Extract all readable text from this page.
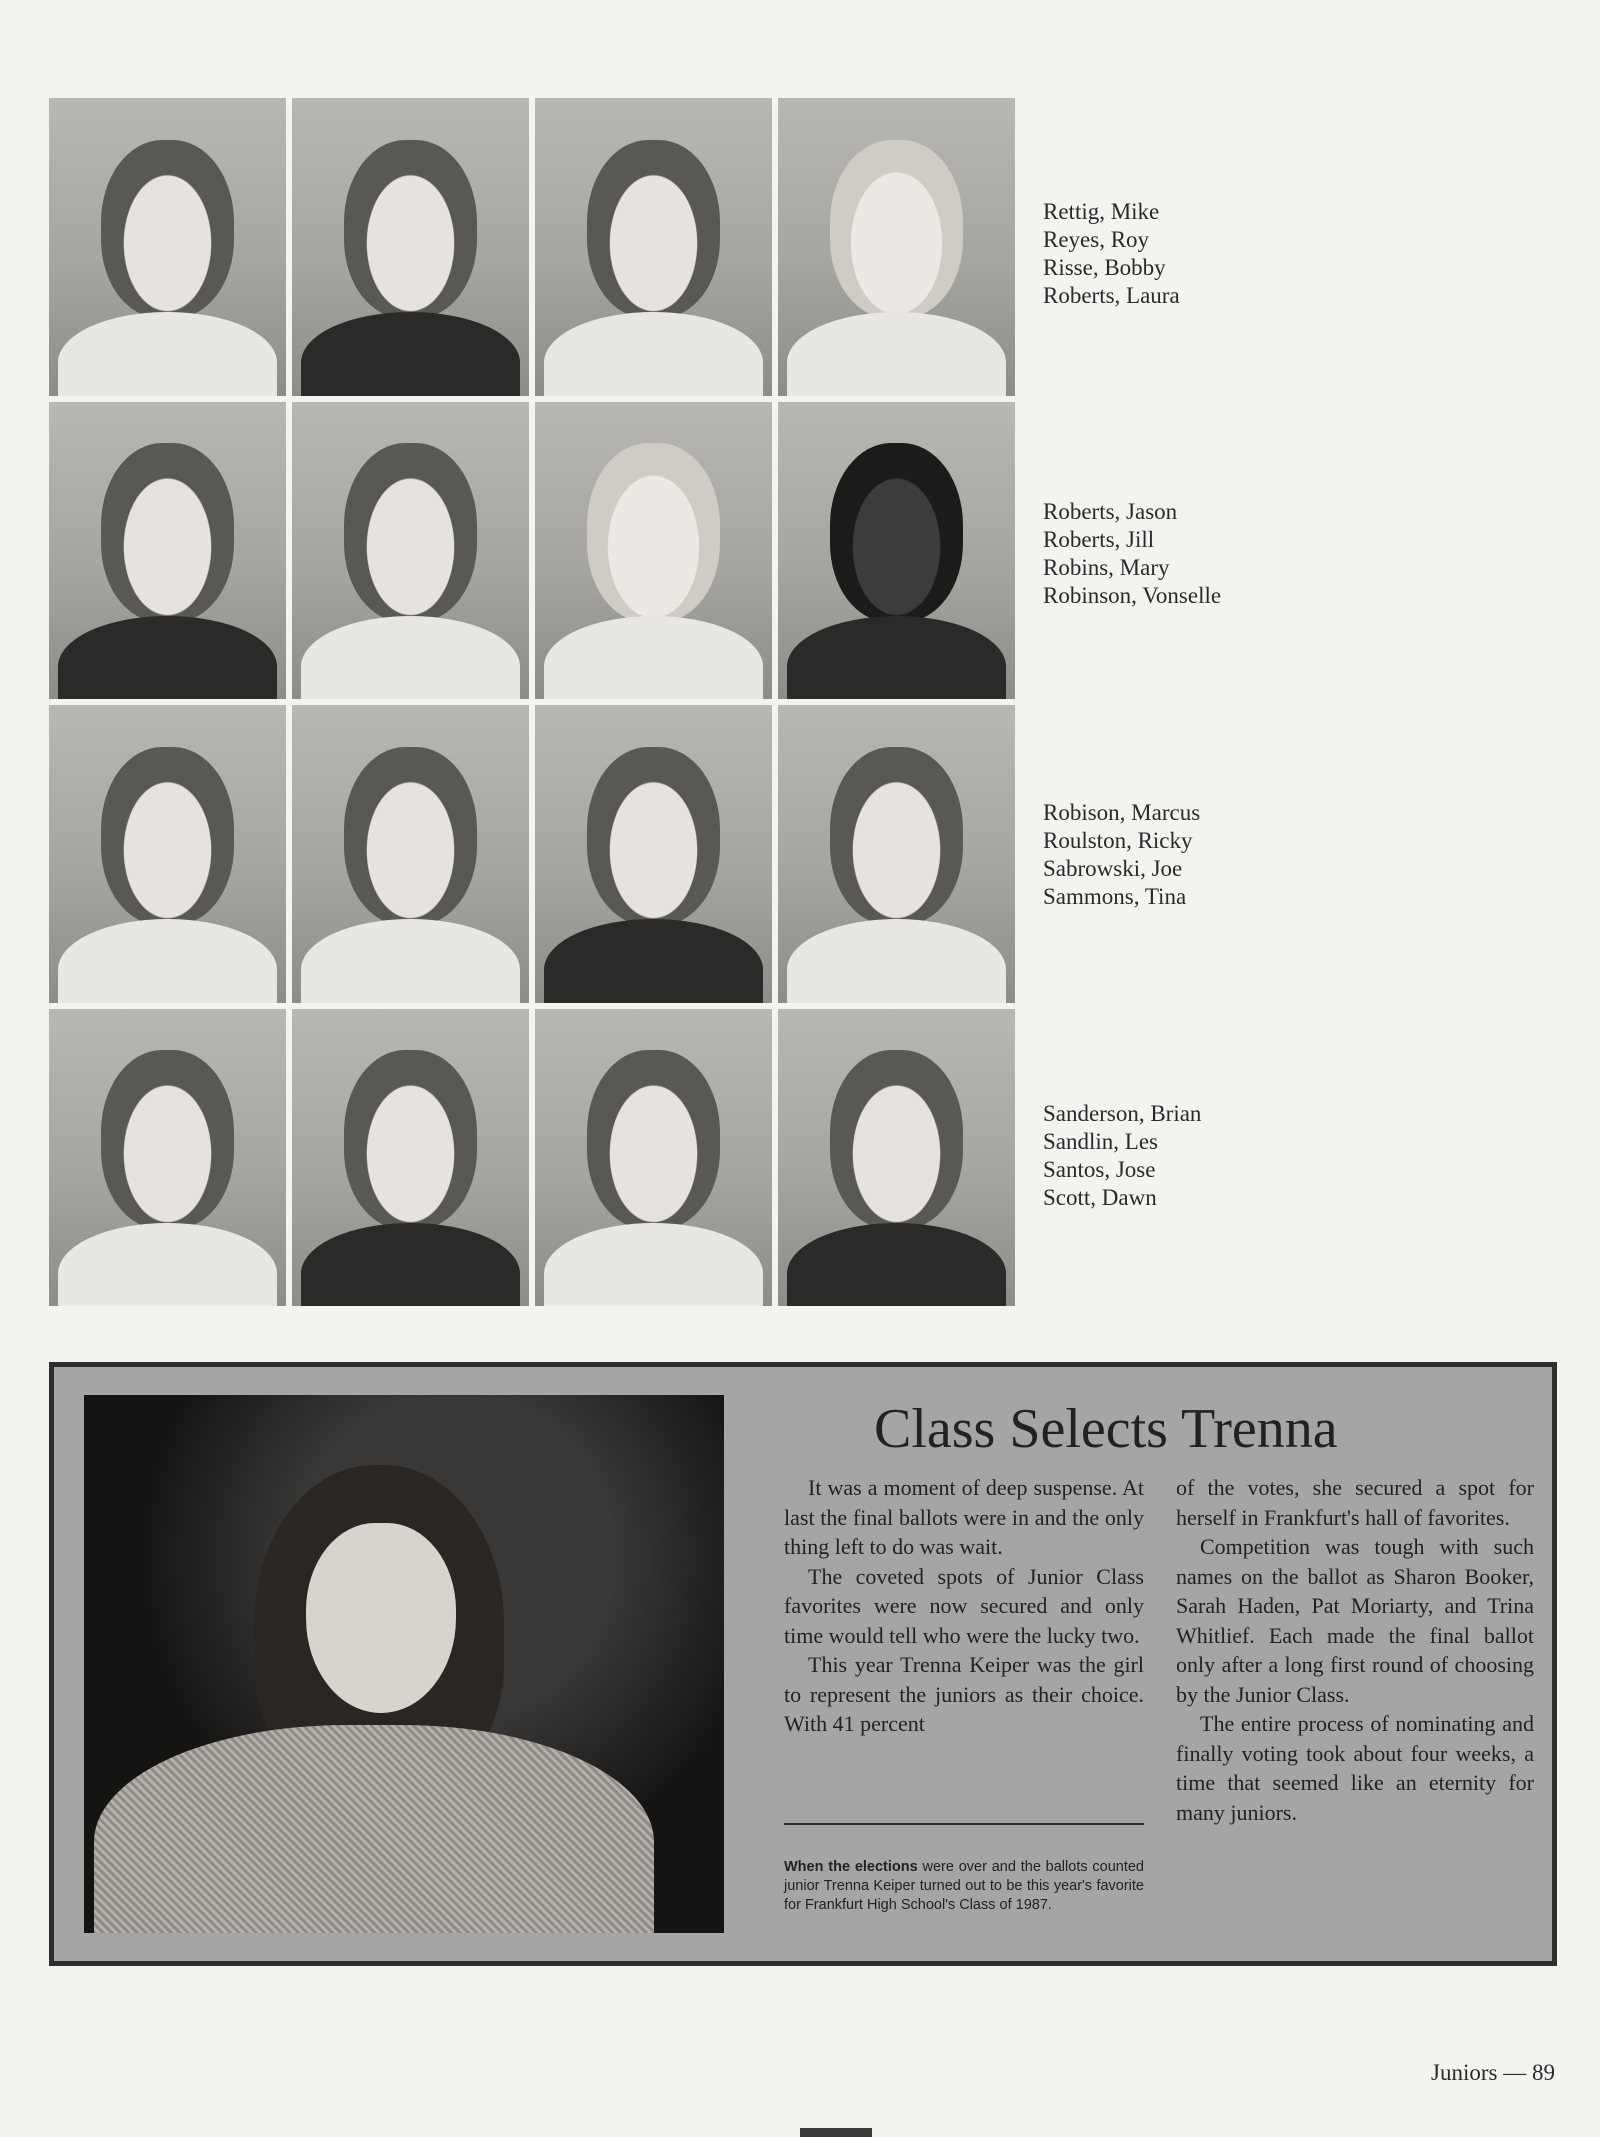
Rettig, Mike
Reyes, Roy
Risse, Bobby
Roberts, Laura
Roberts, Jason
Roberts, Jill
Robins, Mary
Robinson, Vonselle
Robison, Marcus
Roulston, Ricky
Sabrowski, Joe
Sammons, Tina
Sanderson, Brian
Sandlin, Les
Santos, Jose
Scott, Dawn
Class Selects Trenna

It was a moment of deep suspense. At last the final ballots were in and the only thing left to do was wait.

The coveted spots of Junior Class favorites were now secured and only time would tell who were the lucky two.

This year Trenna Keiper was the girl to represent the juniors as their choice. With 41 percent

When the elections were over and the ballots counted junior Trenna Keiper turned out to be this year's favorite for Frankfurt High School's Class of 1987.

of the votes, she secured a spot for herself in Frankfurt's hall of favorites.

Competition was tough with such names on the ballot as Sharon Booker, Sarah Haden, Pat Moriarty, and Trina Whitlief. Each made the final ballot only after a long first round of choosing by the Junior Class.

The entire process of nominating and finally voting took about four weeks, a time that seemed like an eternity for many juniors.

Juniors — 89
